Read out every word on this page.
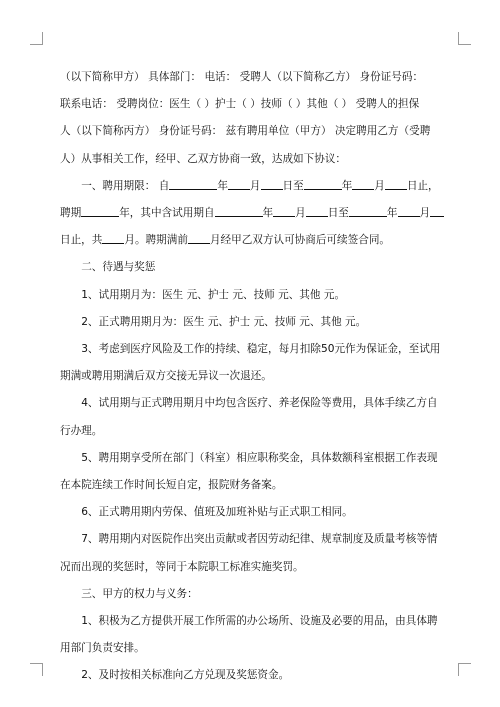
（以下简称甲方） 具体部门： 电话： 受聘人（以下简称乙方） 身份证号码：
联系电话： 受聘岗位：医生（ ）护士（ ）技师（ ）其他（ ） 受聘人的担保
人（以下简称丙方） 身份证号码： 兹有聘用单位（甲方） 决定聘用乙方（受聘
人）从事相关工作，经甲、乙双方协商一致，达成如下协议：
一、聘用期限： 自	年 月 日至	年 月 日止，
聘期	年，其中含试用期自	年 月 日至	年 月
日止，共 月。聘期满前 月经甲乙双方认可协商后可续签合同。
二、待遇与奖惩
1、试用期月为：医生 元、护士 元、技师 元、其他 元。
2、正式聘用期月为：医生 元、护士 元、技师 元、其他 元。

3、考虑到医疗风险及工作的持续、稳定，每月扣除50元作为保证金，至试用期满或聘用期满后双方交接无异议一次退还。

4、试用期与正式聘用期月中均包含医疗、养老保险等费用，具体手续乙方自行办理。

5、聘用期享受所在部门（科室）相应职称奖金，具体数额科室根据工作表现在本院连续工作时间长短自定，报院财务备案。

6、正式聘用期内劳保、值班及加班补贴与正式职工相同。

7、聘用期内对医院作出突出贡献或者因劳动纪律、规章制度及质量考核等情况而出现的奖惩时，等同于本院职工标准实施奖罚。

三、甲方的权力与义务：

1、积极为乙方提供开展工作所需的办公场所、设施及必要的用品，由具体聘用部门负责安排。

2、及时按相关标准向乙方兑现及奖惩资金。
